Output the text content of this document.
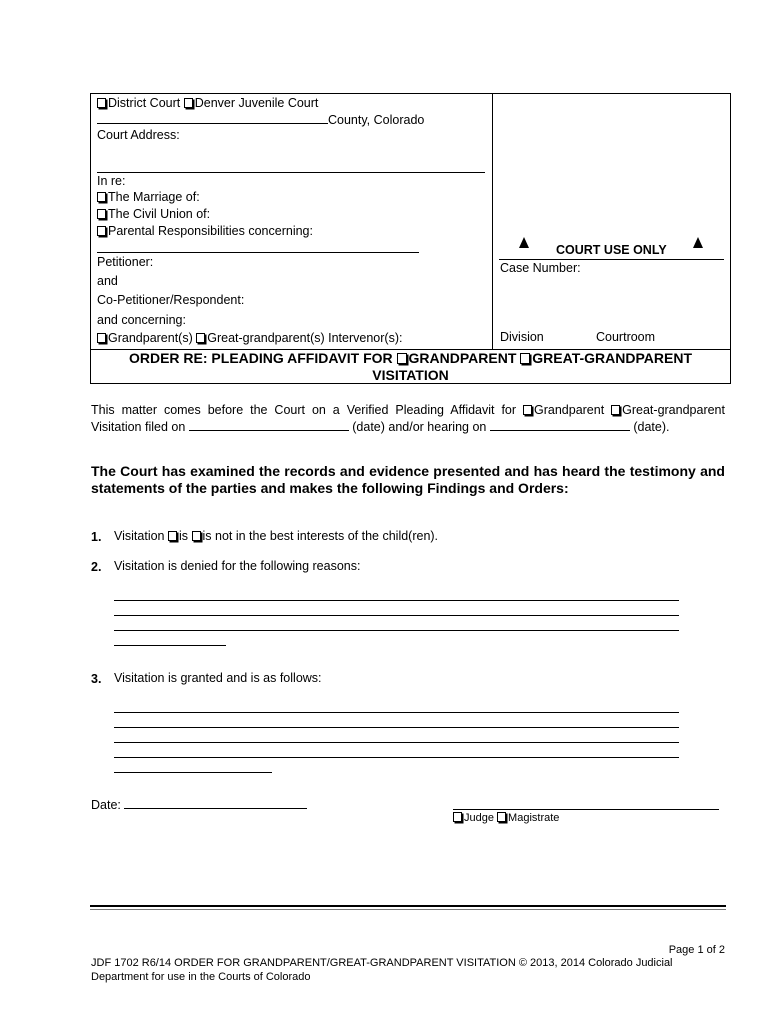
District Court Denver Juvenile Court
County, Colorado
Court Address:
In re:
The Marriage of:
The Civil Union of:
Parental Responsibilities concerning:
Petitioner:
and
Co-Petitioner/Respondent:
and concerning:
Grandparent(s) Great-grandparent(s) Intervenor(s):
COURT USE ONLY
Case Number:
Division	Courtroom
ORDER RE: PLEADING AFFIDAVIT FOR GRANDPARENT GREAT-GRANDPARENT
VISITATION
This matter comes before the Court on a Verified Pleading Affidavit for Grandparent Great-grandparent
Visitation filed on	(date) and/or hearing on	(date).
The Court has examined the records and evidence presented and has heard the testimony and statements of the parties and makes the following Findings and Orders:
1. Visitation is is not in the best interests of the child(ren).
2. Visitation is denied for the following reasons:
3. Visitation is granted and is as follows:
Date:
Judge Magistrate
Page 1 of 2
JDF 1702 R6/14 ORDER FOR GRANDPARENT/GREAT-GRANDPARENT VISITATION © 2013, 2014 Colorado Judicial
Department for use in the Courts of Colorado
